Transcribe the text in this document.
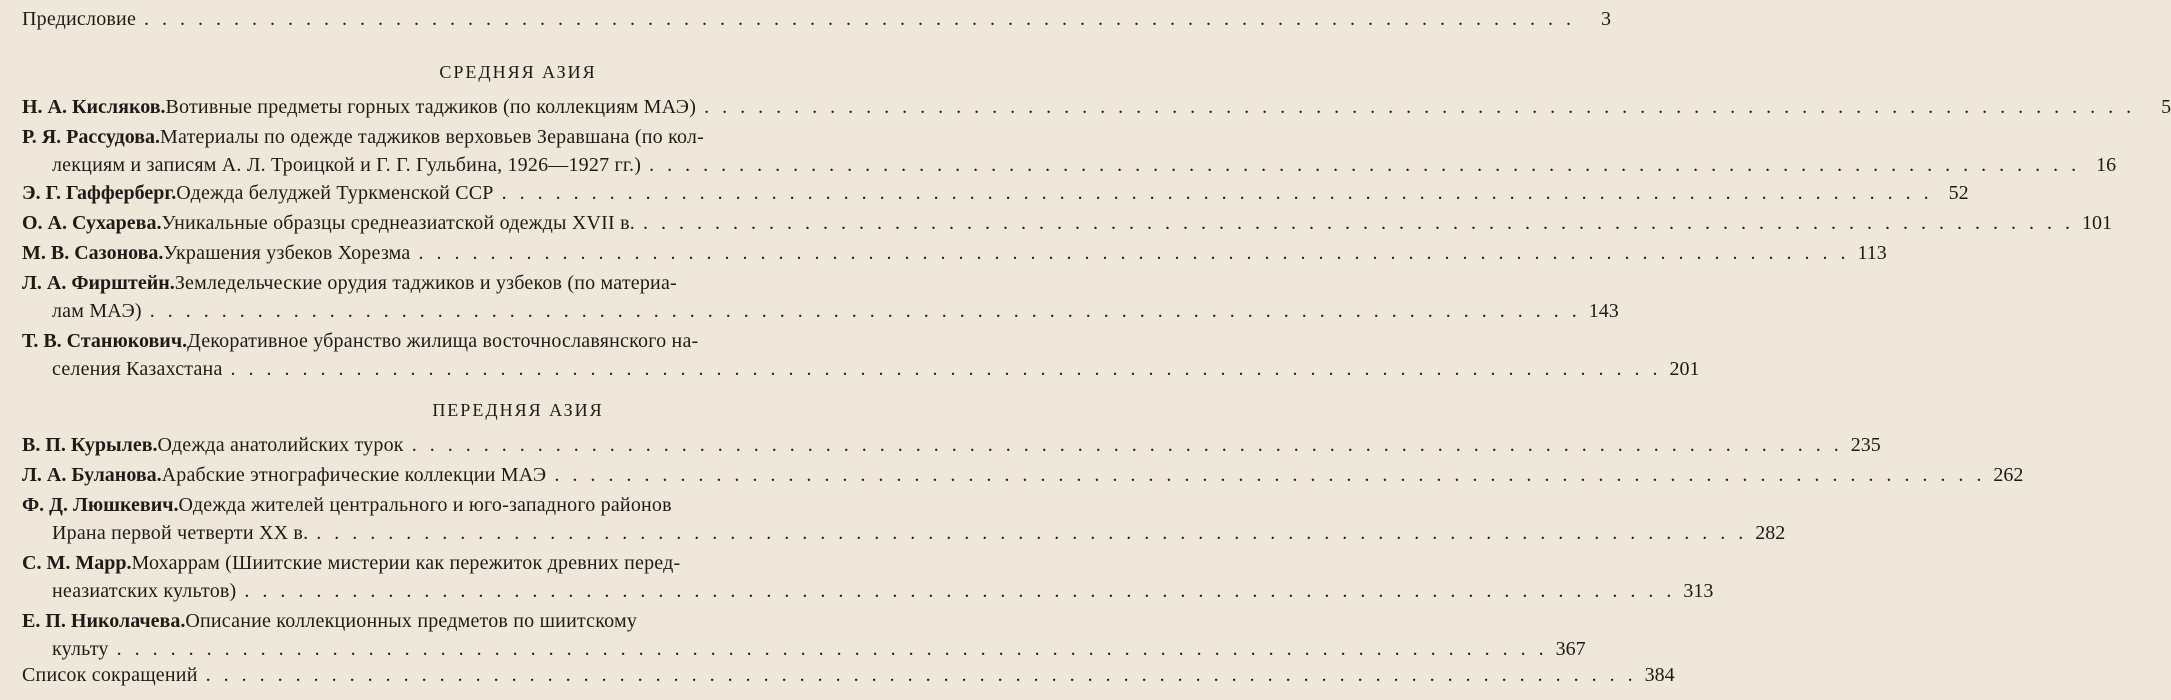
Предисловие . . . . . . . . . . . . . . . . . . . . . . . . . . . . . . . . . . . . . . . . . . . . . . . . . . . . . . . . . . . . . . . . . . . . . . . . . . . . . . . .	3
СРЕДНЯЯ АЗИЯ
Н. А. Кисляков. Вотивные предметы горных таджиков (по коллекциям МАЭ) . . . . . . . . . . . . . . . . . . . . . . . . . . . . . . . . . . . . . . . . . . . . . . . . . . . . . . . . . . . . . . . . . . . . . . . . . . . . . . . .	5
Р. Я. Рассудова. Материалы по одежде таджиков верховьев Зеравшана (по кол-
лекциям и записям А. Л. Троицкой и Г. Г. Гульбина, 1926—1927 гг.) . . . . . . . . . . . . . . . . . . . . . . . . . . . . . . . . . . . . . . . . . . . . . . . . . . . . . . . . . . . . . . . . . . . . . . . . . . . . . . . . 16
Э. Г. Гафферберг. Одежда белуджей Туркменской ССР . . . . . . . . . . . . . . . . . . . . . . . . . . . . . . . . . . . . . . . . . . . . . . . . . . . . . . . . . . . . . . . . . . . . . . . . . . . . . . . . 52
О. А. Сухарева. Уникальные образцы среднеазиатской одежды XVII в. . . . . . . . . . . . . . . . . . . . . . . . . . . . . . . . . . . . . . . . . . . . . . . . . . . . . . . . . . . . . . . . . . . . . . . . . . . . . . . . . 101
М. В. Сазонова. Украшения узбеков Хорезма . . . . . . . . . . . . . . . . . . . . . . . . . . . . . . . . . . . . . . . . . . . . . . . . . . . . . . . . . . . . . . . . . . . . . . . . . . . . . . . . 113
Л. А. Фирштейн. Земледельческие орудия таджиков и узбеков (по материа-
лам МАЭ) . . . . . . . . . . . . . . . . . . . . . . . . . . . . . . . . . . . . . . . . . . . . . . . . . . . . . . . . . . . . . . . . . . . . . . . . . . . . . . . . 143
Т. В. Станюкович. Декоративное убранство жилища восточнославянского на-
селения Казахстана . . . . . . . . . . . . . . . . . . . . . . . . . . . . . . . . . . . . . . . . . . . . . . . . . . . . . . . . . . . . . . . . . . . . . . . . . . . . . . . . 201
ПЕРЕДНЯЯ АЗИЯ
В. П. Курылев. Одежда анатолийских турок . . . . . . . . . . . . . . . . . . . . . . . . . . . . . . . . . . . . . . . . . . . . . . . . . . . . . . . . . . . . . . . . . . . . . . . . . . . . . . . . 235
Л. А. Буланова. Арабские этнографические коллекции МАЭ . . . . . . . . . . . . . . . . . . . . . . . . . . . . . . . . . . . . . . . . . . . . . . . . . . . . . . . . . . . . . . . . . . . . . . . . . . . . . . . . 262
Ф. Д. Люшкевич. Одежда жителей центрального и юго-западного районов
Ирана первой четверти XX в. . . . . . . . . . . . . . . . . . . . . . . . . . . . . . . . . . . . . . . . . . . . . . . . . . . . . . . . . . . . . . . . . . . . . . . . . . . . . . . . . 282
С. М. Марр. Мохаррам (Шиитские мистерии как пережиток древних перед-
неазиатских культов) . . . . . . . . . . . . . . . . . . . . . . . . . . . . . . . . . . . . . . . . . . . . . . . . . . . . . . . . . . . . . . . . . . . . . . . . . . . . . . . . 313
Е. П. Николачева. Описание коллекционных предметов по шиитскому
культу . . . . . . . . . . . . . . . . . . . . . . . . . . . . . . . . . . . . . . . . . . . . . . . . . . . . . . . . . . . . . . . . . . . . . . . . . . . . . . . . 367
Список сокращений . . . . . . . . . . . . . . . . . . . . . . . . . . . . . . . . . . . . . . . . . . . . . . . . . . . . . . . . . . . . . . . . . . . . . . . . . . . . . . . . 384
